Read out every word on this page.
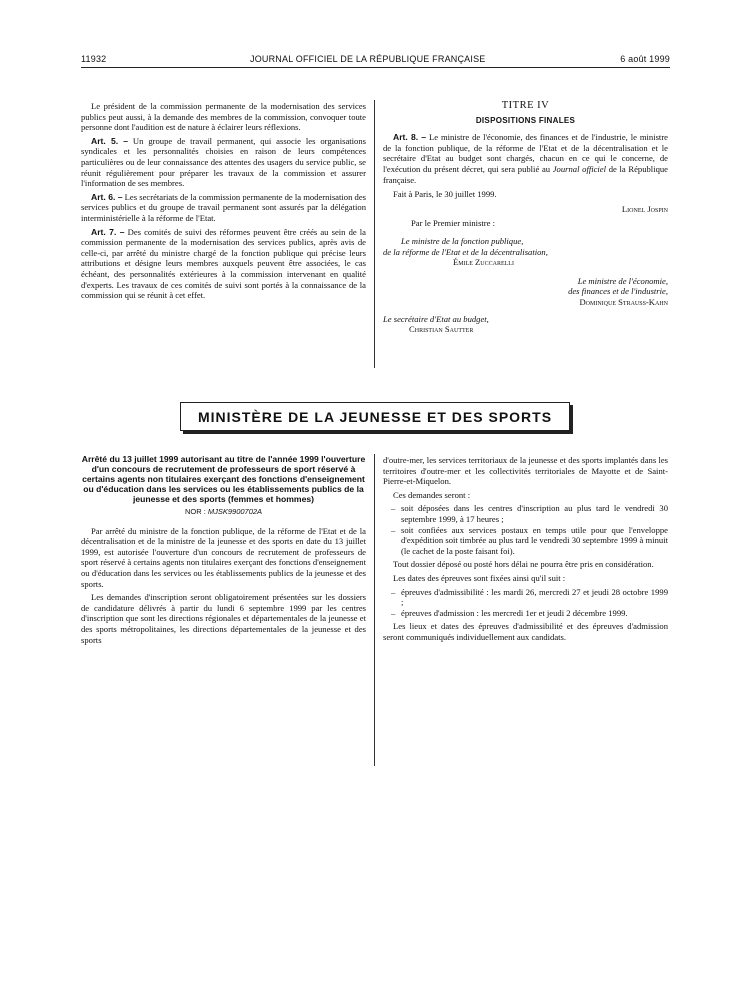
11932	JOURNAL OFFICIEL DE LA RÉPUBLIQUE FRANÇAISE	6 août 1999

Le président de la commission permanente de la modernisation des services publics peut aussi, à la demande des membres de la commission, convoquer toute personne dont l'audition est de nature à éclairer leurs réflexions.

Art. 5. – Un groupe de travail permanent, qui associe les organisations syndicales et les personnalités choisies en raison de leurs compétences particulières ou de leur connaissance des attentes des usagers du service public, se réunit régulièrement pour préparer les travaux de la commission et assurer l'information de ses membres.

Art. 6. – Les secrétariats de la commission permanente de la modernisation des services publics et du groupe de travail permanent sont assurés par la délégation interministérielle à la réforme de l'Etat.

Art. 7. – Des comités de suivi des réformes peuvent être créés au sein de la commission permanente de la modernisation des services publics, après avis de celle-ci, par arrêté du ministre chargé de la fonction publique qui précise leurs attributions et désigne leurs membres auxquels peuvent être associées, le cas échéant, des personnalités extérieures à la commission intervenant en qualité d'experts. Les travaux de ces comités de suivi sont portés à la connaissance de la commission qui se réunit à cet effet.

TITRE IV
DISPOSITIONS FINALES

Art. 8. – Le ministre de l'économie, des finances et de l'industrie, le ministre de la fonction publique, de la réforme de l'Etat et de la décentralisation et le secrétaire d'Etat au budget sont chargés, chacun en ce qui le concerne, de l'exécution du présent décret, qui sera publié au Journal officiel de la République française.

Fait à Paris, le 30 juillet 1999.

Lionel Jospin
Par le Premier ministre :
Le ministre de la fonction publique,
de la réforme de l'Etat et de la décentralisation,
Émile Zuccarelli
Le ministre de l'économie,
des finances et de l'industrie,
Dominique Strauss-Kahn
Le secrétaire d'Etat au budget,
Christian Sautter
MINISTÈRE DE LA JEUNESSE ET DES SPORTS
Arrêté du 13 juillet 1999 autorisant au titre de l'année 1999 l'ouverture d'un concours de recrutement de professeurs de sport réservé à certains agents non titulaires exerçant des fonctions d'enseignement ou d'éducation dans les services ou les établissements publics de la jeunesse et des sports (femmes et hommes)
NOR : MJSK9900702A

Par arrêté du ministre de la fonction publique, de la réforme de l'Etat et de la décentralisation et de la ministre de la jeunesse et des sports en date du 13 juillet 1999, est autorisée l'ouverture d'un concours de recrutement de professeurs de sport réservé à certains agents non titulaires exerçant des fonctions d'enseignement ou d'éducation dans les services ou les établissements publics de la jeunesse et des sports.

Les demandes d'inscription seront obligatoirement présentées sur les dossiers de candidature délivrés à partir du lundi 6 septembre 1999 par les centres d'inscription que sont les directions régionales et départementales de la jeunesse et des sports métropolitaines, les directions départementales de la jeunesse et des sports

d'outre-mer, les services territoriaux de la jeunesse et des sports implantés dans les territoires d'outre-mer et les collectivités territoriales de Mayotte et de Saint-Pierre-et-Miquelon.

Ces demandes seront :

– soit déposées dans les centres d'inscription au plus tard le vendredi 30 septembre 1999, à 17 heures ;
– soit confiées aux services postaux en temps utile pour que l'enveloppe d'expédition soit timbrée au plus tard le vendredi 30 septembre 1999 à minuit (le cachet de la poste faisant foi).

Tout dossier déposé ou posté hors délai ne pourra être pris en considération.

Les dates des épreuves sont fixées ainsi qu'il suit :

– épreuves d'admissibilité : les mardi 26, mercredi 27 et jeudi 28 octobre 1999 ;
– épreuves d'admission : les mercredi 1er et jeudi 2 décembre 1999.

Les lieux et dates des épreuves d'admissibilité et des épreuves d'admission seront communiqués individuellement aux candidats.
